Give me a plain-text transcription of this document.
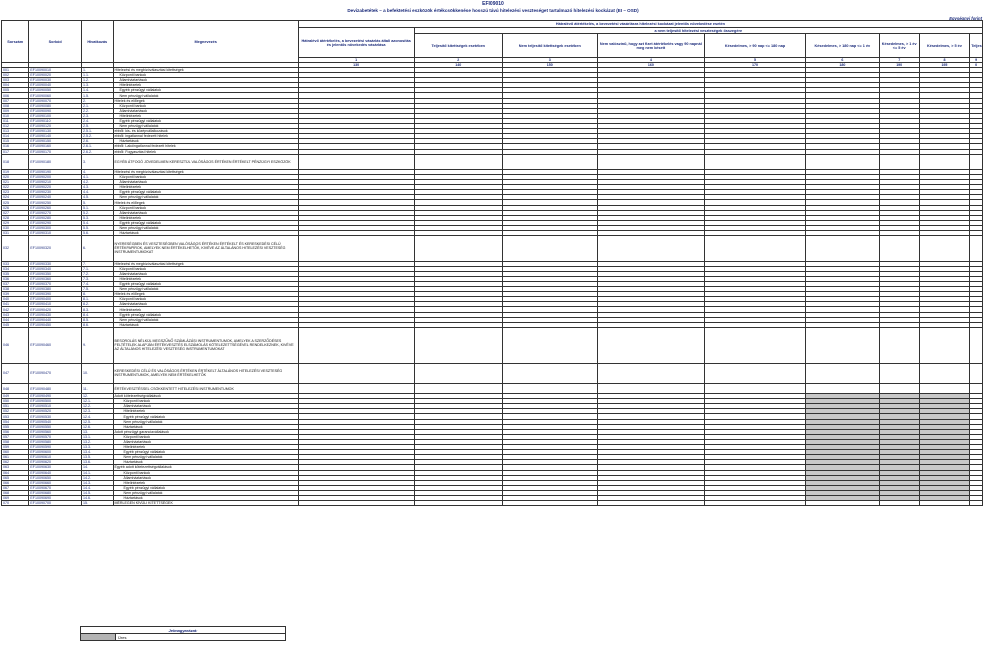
EFI09010
Devizabetétek – a befektetési eszközök értékcsökkenése hosszú távú hitelezési veszteséget tartalmazó hitelezési kockázat (EI – OSD)
Egységnyi forint
Sorszám	Sorkód	Hivatkozás	Megnevezés	Hátralévő átértékelés, a bevezetési vásárlásra hitelezési kockázat jelentős növekedése esetén								
				Hátralévő átértékelés, a bevezetési vásárlás általi azonosítás és jelentős növekedés vásárlása	a nem teljesítő hitelezési veszteségek összegére							
					Teljesítő kitettségek esetében	Nem teljesítő kitettségek esetében	Nem valószínű, hogy azt fizet átértékelés vagy 90 napnál meg nem késett	Késedelmes, > 90 nap <= 180 nap	Késedelmes, > 180 nap <= 1 év	Késedelmes, > 1 év <= 5 év	Késedelmes, > 5 év	Teljes
				1	2	3	4	5	6	7	8	9
				130	140	150	160	170	180	190	195	0
001	EF10090010	1.	Hitelezési és megbízóválasztási kitettségek									
002	EF10090020	1.1.	Központi bankok									
003	EF10090030	1.2.	Államháztartások									
004	EF10090040	1.3.	Hitelintézetek									
005	EF10090050	1.4.	Egyéb pénzügyi vállalatok									
006	EF10090060	1.5.	Nem pénzügyi vállalatok									
007	EF10090070	2.	Hitelek és előlegek									
008	EF10090080	2.1.	Központi bankok									
009	EF10090090	2.2.	Államháztartások									
010	EF10090100	2.3.	Hitelintézetek									
011	EF10090110	2.4.	Egyéb pénzügyi vállalatok									
012	EF10090120	2.5.	Nem pénzügyi vállalatok									
013	EF10090130	2.5.1.	ebből: kis- és középvállalkozások									
014	EF10090140	2.5.2.	ebből: ingatlannal fedezett hitelek									
015	EF10090150	2.6.	Háztartások									
016	EF10090160	2.6.1.	ebből: Lakóingatlannal fedezett hitelek									
017	EF10090170	2.6.2.	ebből: Fogyasztási hitelek									
018	EF10090180	3.	EGYÉB ÁTFOGÓ JÖVEDELMEN KERESZTÜL VALÓSÁGOS ÉRTÉKEN ÉRTÉKELT PÉNZÜGYI ESZKÖZÖK									
019	EF10090190	4.	Hitelezési és megbízóválasztási kitettségek									
020	EF10090200	4.1.	Központi bankok									
021	EF10090210	4.2.	Államháztartások									
022	EF10090220	4.3.	Hitelintézetek									
023	EF10090230	4.4.	Egyéb pénzügyi vállalatok									
024	EF10090240	4.5.	Nem pénzügyi vállalatok									
025	EF10090250	5.	Hitelek és előlegek									
026	EF10090260	5.1.	Központi bankok									
027	EF10090270	5.2.	Államháztartások									
028	EF10090280	5.3.	Hitelintézetek									
029	EF10090290	5.4.	Egyéb pénzügyi vállalatok									
030	EF10090300	5.5.	Nem pénzügyi vállalatok									
031	EF10090310	5.6.	Háztartások									
032	EF10090320	6.	NYERESÉGBEN ÉS VESZTESÉGBEN VALÓSÁGOS ÉRTÉKEN ÉRTÉKELT ÉS KERESKEDÉSI CÉLÚ ÉRTÉKPAPÍROK, AMELYEK NEM ÉRTÉKELHETŐK, KIVÉVE AZ ÁLTALÁNOS HITELEZÉSI VESZTESÉG INSTRUMENTUMOKAT									
033	EF10090330	7.	Hitelezési és megbízóválasztási kitettségek									
034	EF10090340	7.1.	Központi bankok									
035	EF10090350	7.2.	Államháztartások									
036	EF10090360	7.3.	Hitelintézetek									
037	EF10090370	7.4.	Egyéb pénzügyi vállalatok									
038	EF10090380	7.5.	Nem pénzügyi vállalatok									
039	EF10090390	8.	Hitelek és előlegek									
040	EF10090400	8.1.	Központi bankok									
041	EF10090410	8.2.	Államháztartások									
042	EF10090420	8.3.	Hitelintézetek									
043	EF10090430	8.4.	Egyéb pénzügyi vállalatok									
044	EF10090440	8.5.	Nem pénzügyi vállalatok									
045	EF10090450	8.6.	Háztartások									
046	EF10090460	9.	BESOROLÁS NÉLKÜL MEGSZŰNŐ SZÁMLÁZÁSI INSTRUMENTUMOK, AMELYEK A SZERZŐDÉSES FELTÉTELEK ALAPJÁN ÉRTÉKVESZTÉS ELSZÁMOLÁS KÖTELEZETTSÉGÉVEL RENDELKEZNEK, KIVÉVE AZ ÁLTALÁNOS HITELEZÉSI VESZTESÉG INSTRUMENTUMOKAT									
047	EF10090470	10.	KERESKEDÉSI CÉLÚ ÉS VALÓSÁGOS ÉRTÉKEN ÉRTÉKELT ÁLTALÁNOS HITELEZÉSI VESZTESÉG INSTRUMENTUMOK, AMELYEK NEM ÉRTÉKELHETŐK									
048	EF10090480	11.	ÉRTÉKVESZTÉSSEL CSÖKKENTETT HITELEZÉSI INSTRUMENTUMOK									
049	EF10090490	12.	Adott kötelezettségvállalások									
050	EF10090500	12.1.	Központi bankok									
051	EF10090510	12.2.	Államháztartások									
052	EF10090520	12.3.	Hitelintézetek									
053	EF10090530	12.4.	Egyéb pénzügyi vállalatok									
054	EF10090540	12.5.	Nem pénzügyi vállalatok									
055	EF10090550	12.6.	Háztartások									
056	EF10090560	13.	Adott pénzügyi garanciavállalások									
057	EF10090570	13.1.	Központi bankok									
058	EF10090580	13.2.	Államháztartások									
059	EF10090590	13.3.	Hitelintézetek									
060	EF10090600	13.4.	Egyéb pénzügyi vállalatok									
061	EF10090610	13.5.	Nem pénzügyi vállalatok									
062	EF10090620	13.6.	Háztartások									
063	EF10090630	14.	Egyéb adott kötelezettségvállalások									
064	EF10090640	14.1.	Központi bankok									
065	EF10090650	14.2.	Államháztartások									
066	EF10090660	14.3.	Hitelintézetek									
067	EF10090670	14.4.	Egyéb pénzügyi vállalatok									
068	EF10090680	14.5.	Nem pénzügyi vállalatok									
069	EF10090690	14.6.	Háztartások									
070	EF10090700	15.	MÉRLEGEN KÍVÜLI KITETTSÉGEK									
Jelmagyarázat:
	Üres
